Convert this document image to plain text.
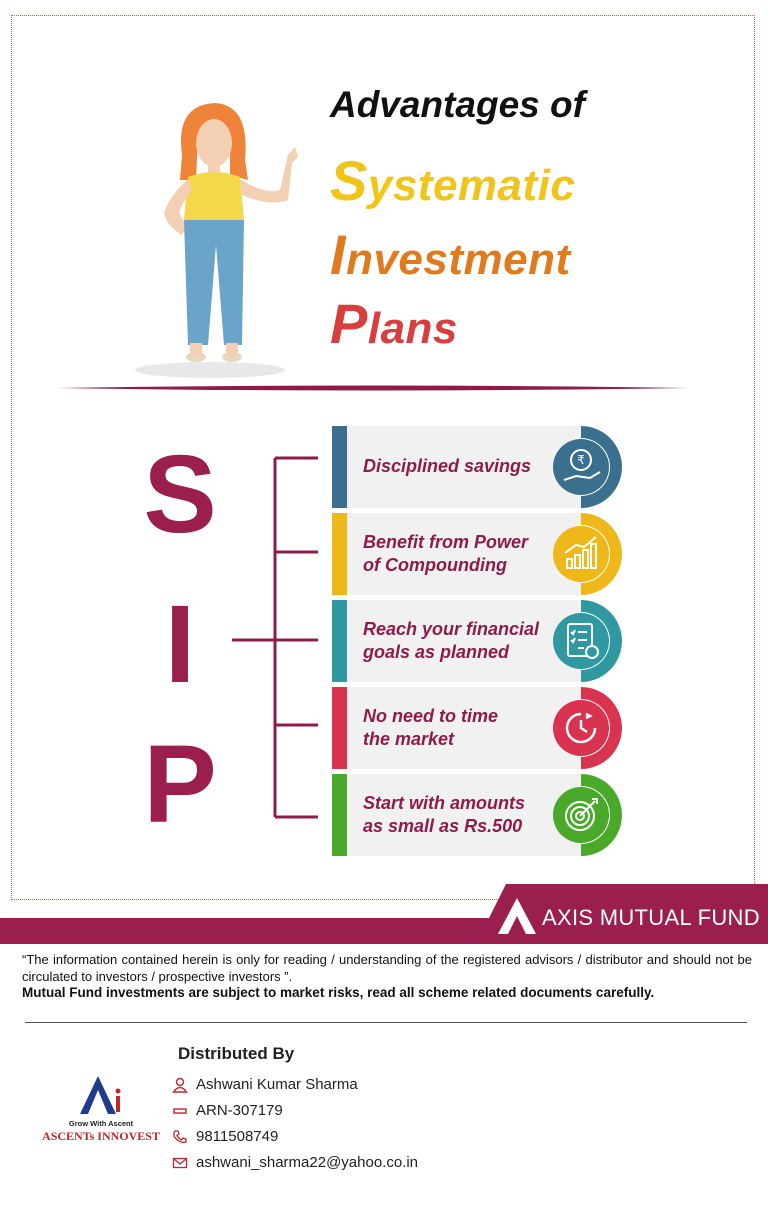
Advantages of
Systematic
Investment
Plans
S
I
P
Disciplined savings	₹
Benefit from Power
of Compounding
Reach your financial
goals as planned
No need to time
the market
Start with amounts
as small as Rs.500
AXIS MUTUAL FUND
“The information contained herein is only for reading / understanding of the registered advisors / distributor and should not be circulated to investors / prospective investors ”.
Mutual Fund investments are subject to market risks, read all scheme related documents carefully.
Grow With Ascent
ASCENTs INNOVEST
Distributed By
Ashwani Kumar Sharma
ARN-307179
9811508749
ashwani_sharma22@yahoo.co.in
